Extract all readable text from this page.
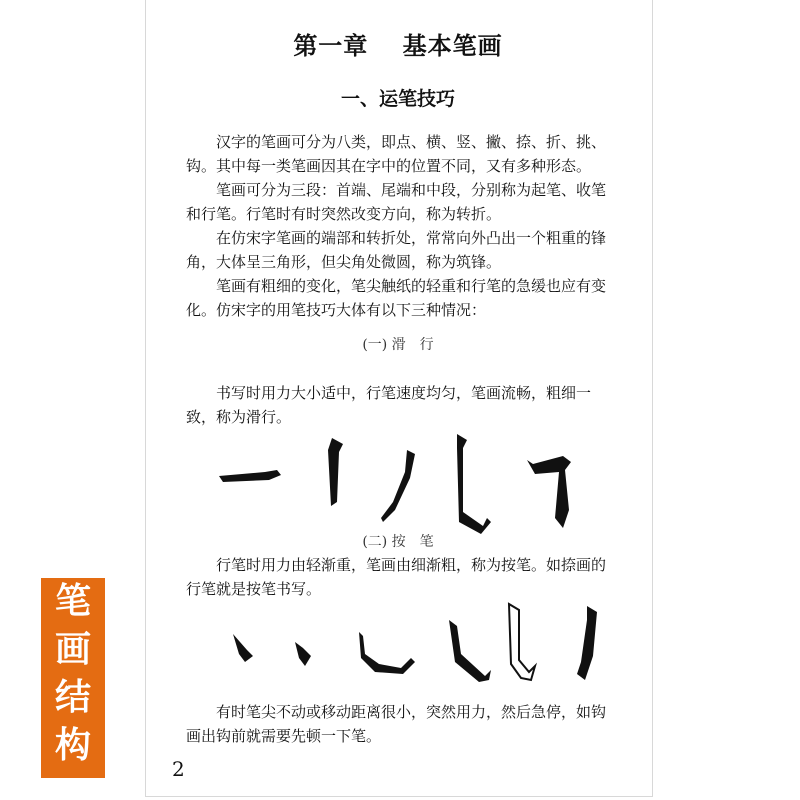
第一章　 基本笔画
一、运笔技巧

汉字的笔画可分为八类，即点、横、竖、撇、捺、折、挑、钩。其中每一类笔画因其在字中的位置不同，又有多种形态。

笔画可分为三段：首端、尾端和中段，分别称为起笔、收笔和行笔。行笔时有时突然改变方向，称为转折。

在仿宋字笔画的端部和转折处，常常向外凸出一个粗重的锋角，大体呈三角形，但尖角处微圆，称为筑锋。

笔画有粗细的变化，笔尖触纸的轻重和行笔的急缓也应有变化。仿宋字的用笔技巧大体有以下三种情况：

(一) 滑　行

书写时用力大小适中，行笔速度均匀，笔画流畅，粗细一致，称为滑行。

(二) 按　笔

行笔时用力由轻渐重，笔画由细渐粗，称为按笔。如捺画的行笔就是按笔书写。

有时笔尖不动或移动距离很小，突然用力，然后急停，如钩画出钩前就需要先顿一下笔。

2
笔
画
结
构
